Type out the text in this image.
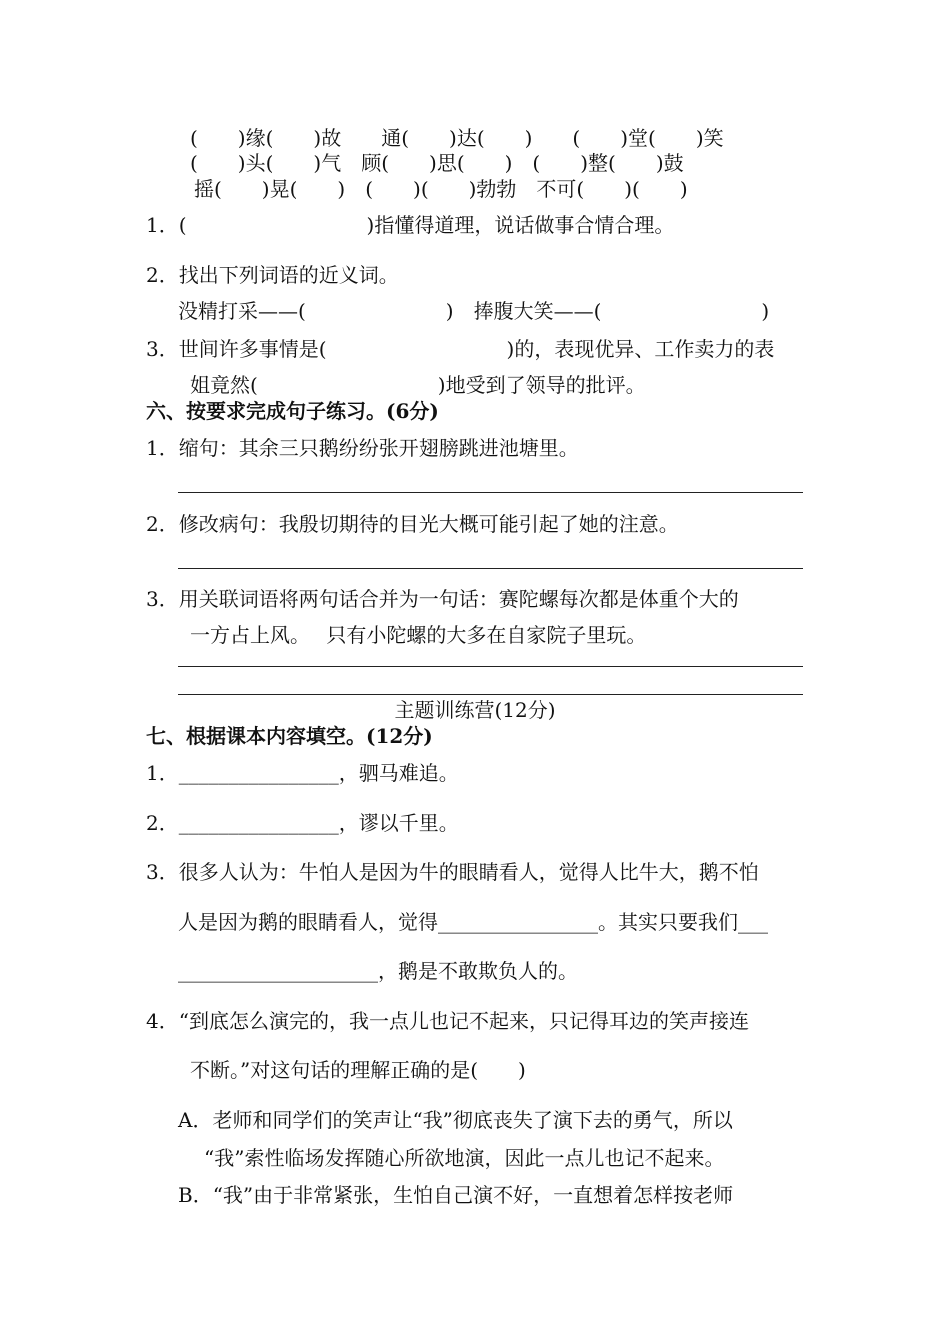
(　　)缘(　　)故　　通(　　)达(　　)　　(　　)堂(　　)笑
(　　)头(　　)气　顾(　　)思(　　)　(　　)整(　　)鼓
摇(　　)晃(　　)　(　　)(　　)勃勃　不可(　　)(　　)
1．(　　　　　　　　　)指懂得道理，说话做事合情合理。
2．找出下列词语的近义词。
没精打采——(　　　　　　　)　捧腹大笑——(　　　　　　　　)
3．世间许多事情是(　　　　　　　　　)的，表现优异、工作卖力的表
姐竟然(　　　　　　　　　)地受到了领导的批评。
六、按要求完成句子练习。(6分)
1．缩句：其余三只鹅纷纷张开翅膀跳进池塘里。
2．修改病句：我殷切期待的目光大概可能引起了她的注意。
3．用关联词语将两句话合并为一句话：赛陀螺每次都是体重个大的
一方占上风。　 只有小陀螺的大多在自家院子里玩。
主题训练营(12分)
七、根据课本内容填空。(12分)
1．________________，驷马难追。
2．________________，谬以千里。
3．很多人认为：牛怕人是因为牛的眼睛看人，觉得人比牛大，鹅不怕
人是因为鹅的眼睛看人，觉得________________。其实只要我们___
____________________，鹅是不敢欺负人的。
4．“到底怎么演完的，我一点儿也记不起来，只记得耳边的笑声接连
不断。”对这句话的理解正确的是(　　)
A．老师和同学们的笑声让“我”彻底丧失了演下去的勇气，所以
“我”索性临场发挥随心所欲地演，因此一点儿也记不起来。
B．“我”由于非常紧张，生怕自己演不好，一直想着怎样按老师
